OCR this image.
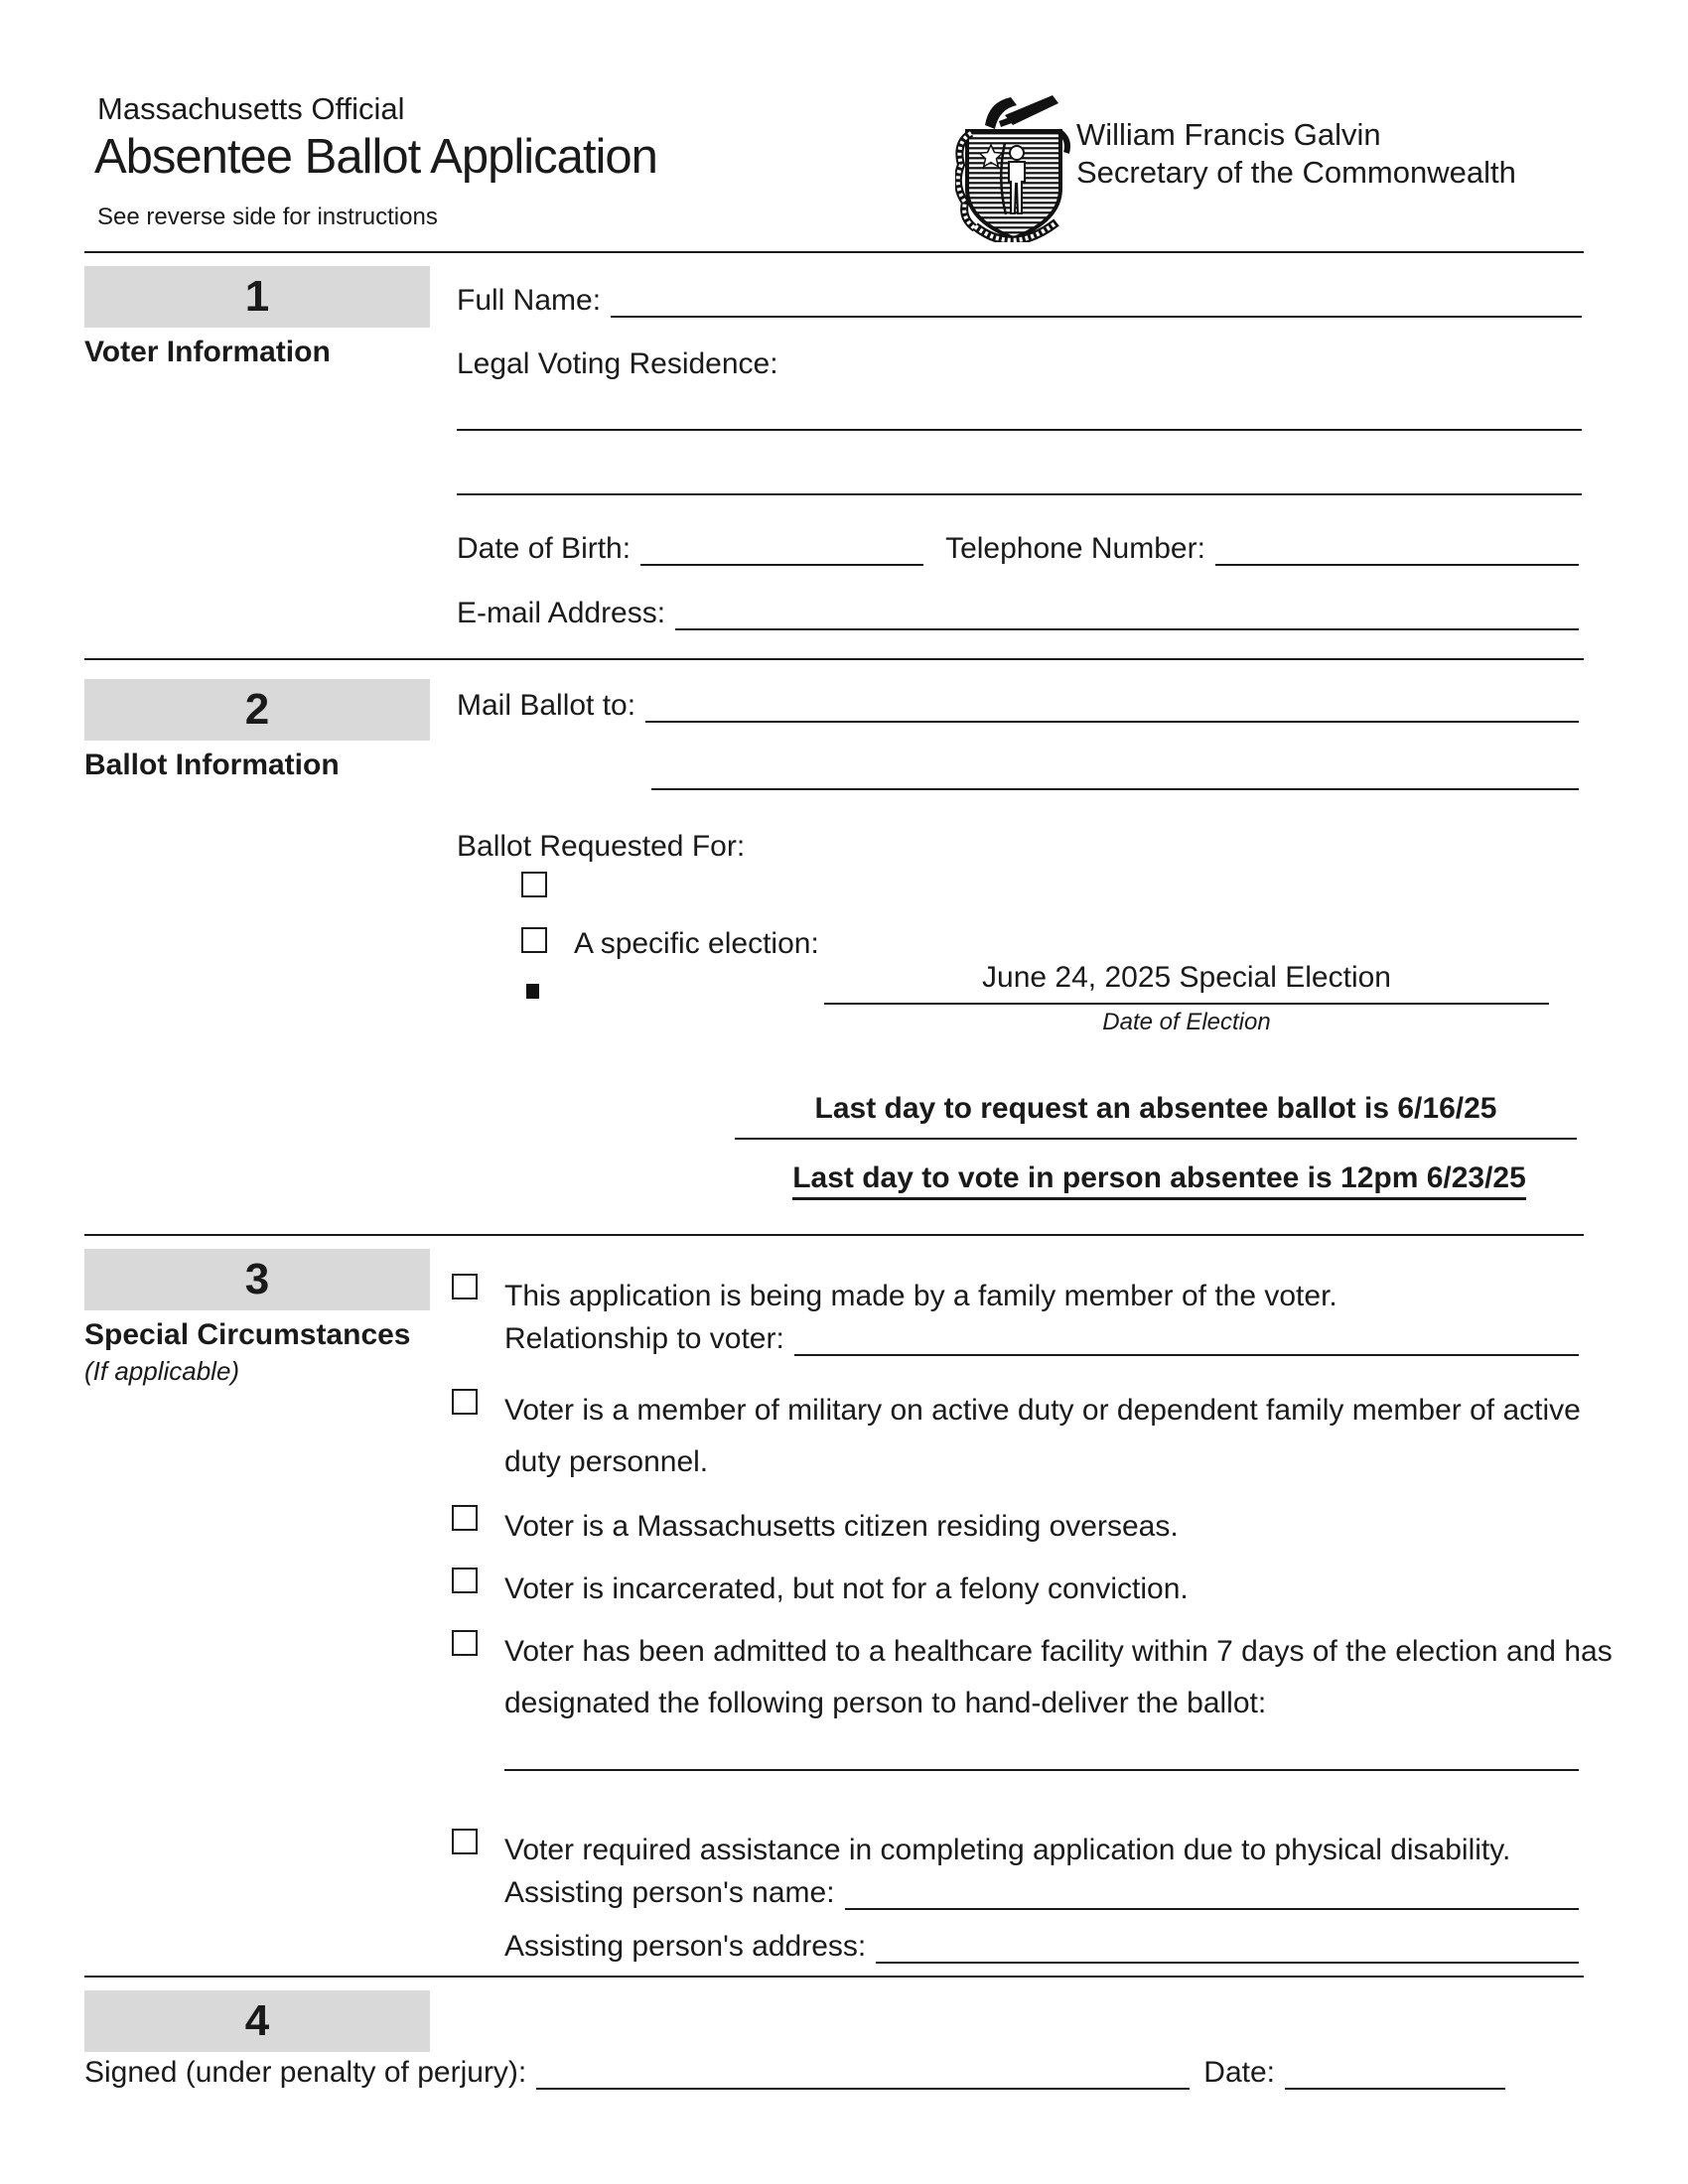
Massachusetts Official
Absentee Ballot Application
See reverse side for instructions
William Francis Galvin
Secretary of the Commonwealth
1
Voter Information
Full Name:
Legal Voting Residence:
Date of Birth:	Telephone Number:
E-mail Address:
2
Ballot Information
Mail Ballot to:
Ballot Requested For:
A specific election:
June 24, 2025 Special Election
Date of Election
Last day to request an absentee ballot is 6/16/25
Last day to vote in person absentee is 12pm 6/23/25
3
Special Circumstances
(If applicable)
This application is being made by a family member of the voter.
Relationship to voter:
Voter is a member of military on active duty or dependent family member of active duty personnel.
Voter is a Massachusetts citizen residing overseas.
Voter is incarcerated, but not for a felony conviction.
Voter has been admitted to a healthcare facility within 7 days of the election and has designated the following person to hand-deliver the ballot:
Voter required assistance in completing application due to physical disability.
Assisting person's name:
Assisting person's address:
4
Signed (under penalty of perjury):	Date:
